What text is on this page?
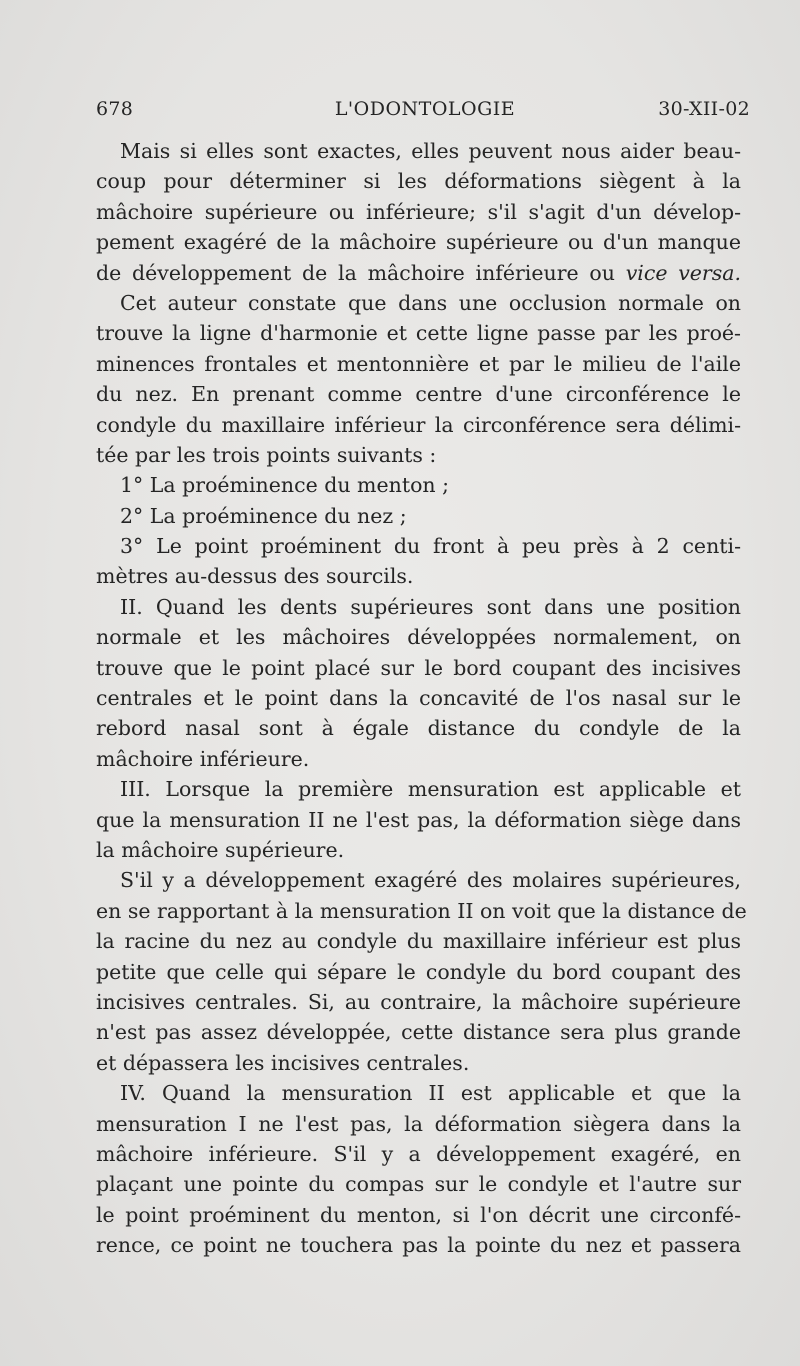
678	L'ODONTOLOGIE	30-XII-02
Mais si elles sont exactes, elles peuvent nous aider beau-
coup pour déterminer si les déformations siègent à la
mâchoire supérieure ou inférieure; s'il s'agit d'un dévelop-
pement exagéré de la mâchoire supérieure ou d'un manque
de développement de la mâchoire inférieure ou vice versa.
Cet auteur constate que dans une occlusion normale on
trouve la ligne d'harmonie et cette ligne passe par les proé-
minences frontales et mentonnière et par le milieu de l'aile
du nez. En prenant comme centre d'une circonférence le
condyle du maxillaire inférieur la circonférence sera délimi-
tée par les trois points suivants :
1° La proéminence du menton ;
2° La proéminence du nez ;
3° Le point proéminent du front à peu près à 2 centi-
mètres au-dessus des sourcils.
II. Quand les dents supérieures sont dans une position
normale et les mâchoires développées normalement, on
trouve que le point placé sur le bord coupant des incisives
centrales et le point dans la concavité de l'os nasal sur le
rebord nasal sont à égale distance du condyle de la
mâchoire inférieure.
III. Lorsque la première mensuration est applicable et
que la mensuration II ne l'est pas, la déformation siège dans
la mâchoire supérieure.
S'il y a développement exagéré des molaires supérieures,
en se rapportant à la mensuration II on voit que la distance de
la racine du nez au condyle du maxillaire inférieur est plus
petite que celle qui sépare le condyle du bord coupant des
incisives centrales. Si, au contraire, la mâchoire supérieure
n'est pas assez développée, cette distance sera plus grande
et dépassera les incisives centrales.
IV. Quand la mensuration II est applicable et que la
mensuration I ne l'est pas, la déformation siègera dans la
mâchoire inférieure. S'il y a développement exagéré, en
plaçant une pointe du compas sur le condyle et l'autre sur
le point proéminent du menton, si l'on décrit une circonfé-
rence, ce point ne touchera pas la pointe du nez et passera
